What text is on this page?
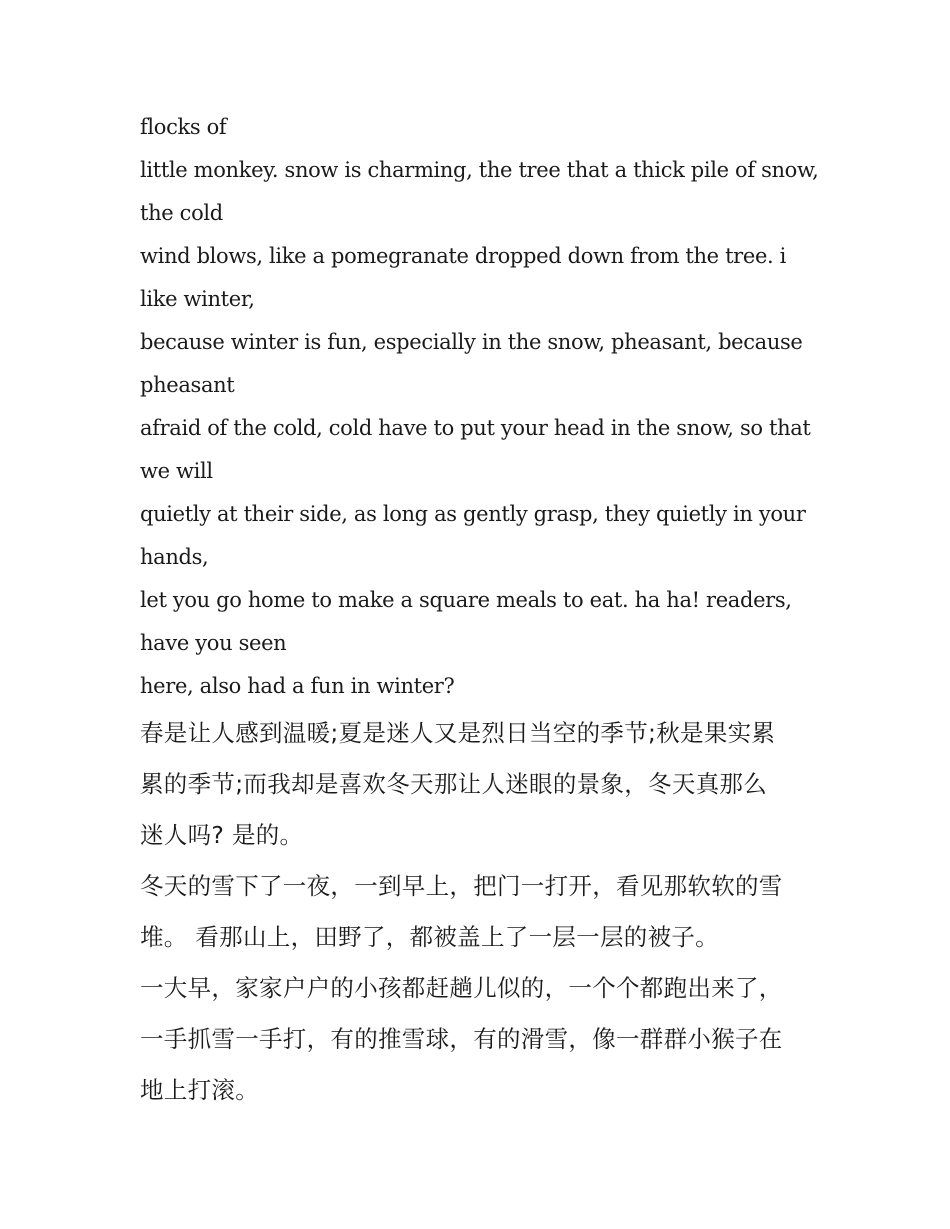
flocks of

little monkey. snow is charming, the tree that a thick pile of snow,

the cold

wind blows, like a pomegranate dropped down from the tree. i

like winter,

because winter is fun, especially in the snow, pheasant, because

pheasant

afraid of the cold, cold have to put your head in the snow, so that

we will

quietly at their side, as long as gently grasp, they quietly in your

hands,

let you go home to make a square meals to eat. ha ha! readers,

have you seen

here, also had a fun in winter?

春是让人感到温暖;夏是迷人又是烈日当空的季节;秋是果实累
累的季节;而我却是喜欢冬天那让人迷眼的景象，冬天真那么
迷人吗? 是的。

冬天的雪下了一夜，一到早上，把门一打开，看见那软软的雪
堆。 看那山上，田野了，都被盖上了一层一层的被子。

一大早，家家户户的小孩都赶趟儿似的，一个个都跑出来了，
一手抓雪一手打，有的推雪球，有的滑雪，像一群群小猴子在
地上打滚。
